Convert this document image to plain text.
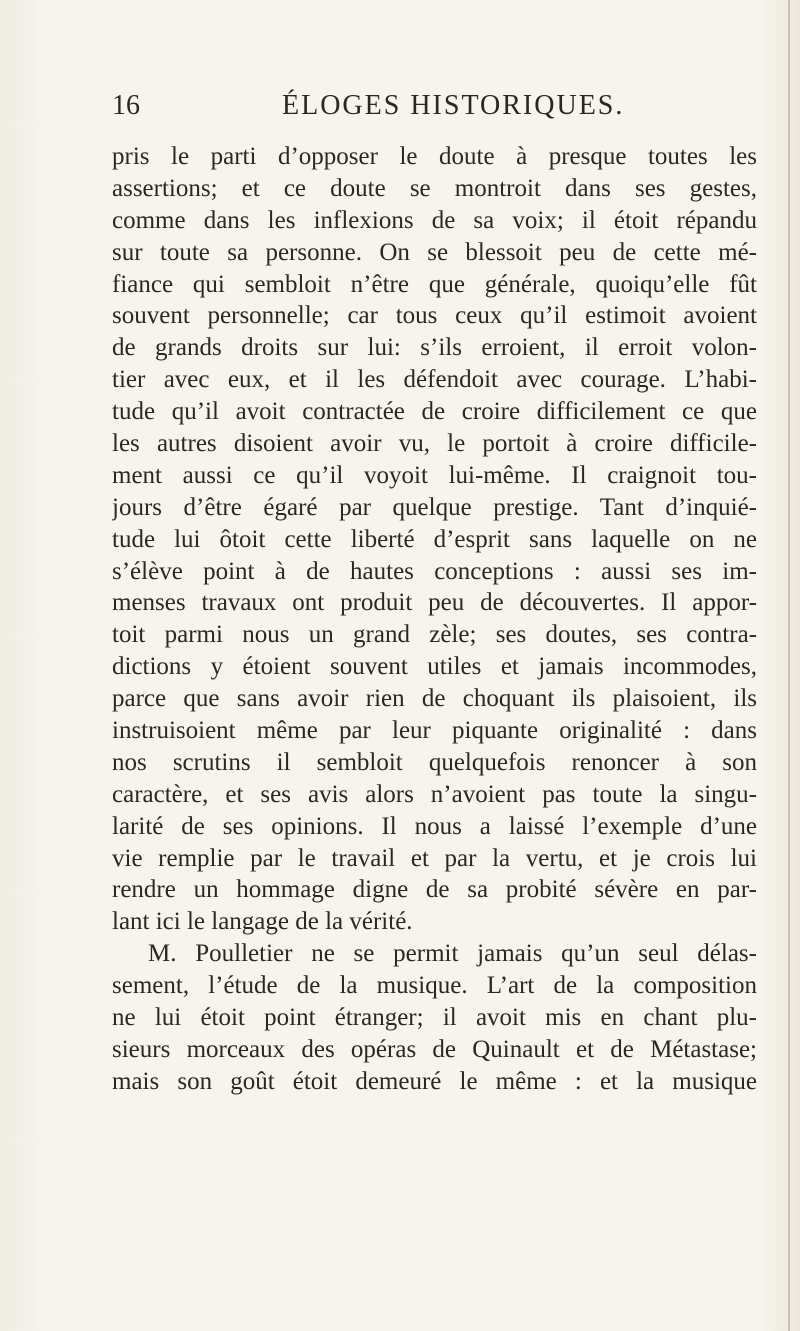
16	ÉLOGES HISTORIQUES.
pris le parti d’opposer le doute à presque toutes les
assertions; et ce doute se montroit dans ses gestes,
comme dans les inflexions de sa voix; il étoit répandu
sur toute sa personne. On se blessoit peu de cette mé-
fiance qui sembloit n’être que générale, quoiqu’elle fût
souvent personnelle; car tous ceux qu’il estimoit avoient
de grands droits sur lui: s’ils erroient, il erroit volon-
tier avec eux, et il les défendoit avec courage. L’habi-
tude qu’il avoit contractée de croire difficilement ce que
les autres disoient avoir vu, le portoit à croire difficile-
ment aussi ce qu’il voyoit lui-même. Il craignoit tou-
jours d’être égaré par quelque prestige. Tant d’inquié-
tude lui ôtoit cette liberté d’esprit sans laquelle on ne
s’élève point à de hautes conceptions : aussi ses im-
menses travaux ont produit peu de découvertes. Il appor-
toit parmi nous un grand zèle; ses doutes, ses contra-
dictions y étoient souvent utiles et jamais incommodes,
parce que sans avoir rien de choquant ils plaisoient, ils
instruisoient même par leur piquante originalité : dans
nos scrutins il sembloit quelquefois renoncer à son
caractère, et ses avis alors n’avoient pas toute la singu-
larité de ses opinions. Il nous a laissé l’exemple d’une
vie remplie par le travail et par la vertu, et je crois lui
rendre un hommage digne de sa probité sévère en par-
lant ici le langage de la vérité.
M. Poulletier ne se permit jamais qu’un seul délas-
sement, l’étude de la musique. L’art de la composition
ne lui étoit point étranger; il avoit mis en chant plu-
sieurs morceaux des opéras de Quinault et de Métastase;
mais son goût étoit demeuré le même : et la musique
